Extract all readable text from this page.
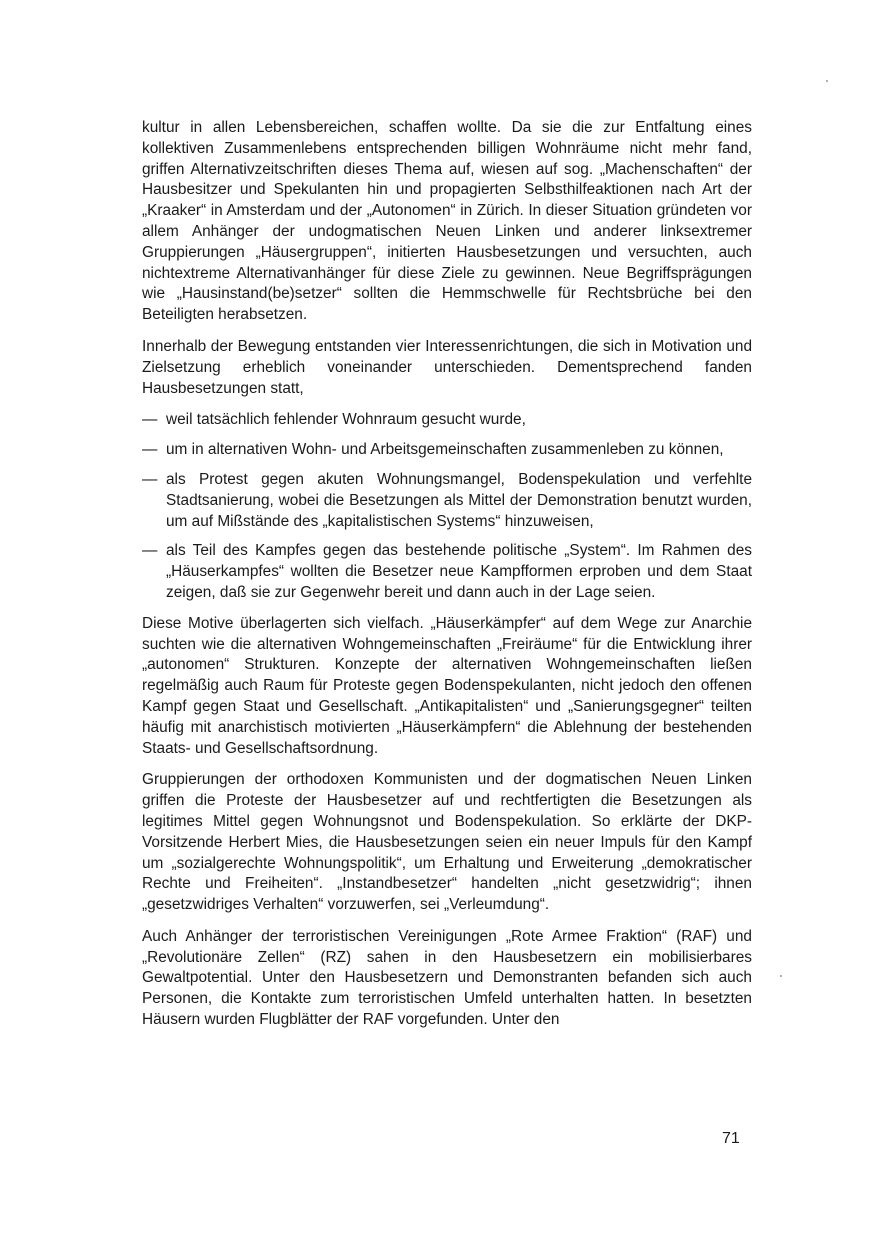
kultur in allen Lebensbereichen, schaffen wollte. Da sie die zur Entfaltung eines kollektiven Zusammenlebens entsprechenden billigen Wohnräume nicht mehr fand, griffen Alternativzeitschriften dieses Thema auf, wiesen auf sog. „Machenschaften“ der Hausbesitzer und Spekulanten hin und propagierten Selbsthilfeaktionen nach Art der „Kraaker“ in Amsterdam und der „Autonomen“ in Zürich. In dieser Situation gründeten vor allem Anhänger der undogmatischen Neuen Linken und anderer linksextremer Gruppierungen „Häusergruppen“, initierten Hausbesetzungen und versuchten, auch nichtextreme Alternativanhänger für diese Ziele zu gewinnen. Neue Begriffsprägungen wie „Hausinstand(be)setzer“ sollten die Hemmschwelle für Rechtsbrüche bei den Beteiligten herabsetzen.

Innerhalb der Bewegung entstanden vier Interessenrichtungen, die sich in Motivation und Zielsetzung erheblich voneinander unterschieden. Dementsprechend fanden Hausbesetzungen statt,

— weil tatsächlich fehlender Wohnraum gesucht wurde,
— um in alternativen Wohn- und Arbeitsgemeinschaften zusammenleben zu können,
— als Protest gegen akuten Wohnungsmangel, Bodenspekulation und verfehlte Stadtsanierung, wobei die Besetzungen als Mittel der Demonstration benutzt wurden, um auf Mißstände des „kapitalistischen Systems“ hinzuweisen,
— als Teil des Kampfes gegen das bestehende politische „System“. Im Rahmen des „Häuserkampfes“ wollten die Besetzer neue Kampfformen erproben und dem Staat zeigen, daß sie zur Gegenwehr bereit und dann auch in der Lage seien.

Diese Motive überlagerten sich vielfach. „Häuserkämpfer“ auf dem Wege zur Anarchie suchten wie die alternativen Wohngemeinschaften „Freiräume“ für die Entwicklung ihrer „autonomen“ Strukturen. Konzepte der alternativen Wohngemeinschaften ließen regelmäßig auch Raum für Proteste gegen Bodenspekulanten, nicht jedoch den offenen Kampf gegen Staat und Gesellschaft. „Antikapitalisten“ und „Sanierungsgegner“ teilten häufig mit anarchistisch motivierten „Häuserkämpfern“ die Ablehnung der bestehenden Staats- und Gesellschaftsordnung.

Gruppierungen der orthodoxen Kommunisten und der dogmatischen Neuen Linken griffen die Proteste der Hausbesetzer auf und rechtfertigten die Besetzungen als legitimes Mittel gegen Wohnungsnot und Bodenspekulation. So erklärte der DKP-Vorsitzende Herbert Mies, die Hausbesetzungen seien ein neuer Impuls für den Kampf um „sozialgerechte Wohnungspolitik“, um Erhaltung und Erweiterung „demokratischer Rechte und Freiheiten“. „Instandbesetzer“ handelten „nicht gesetzwidrig“; ihnen „gesetzwidriges Verhalten“ vorzuwerfen, sei „Verleumdung“.

Auch Anhänger der terroristischen Vereinigungen „Rote Armee Fraktion“ (RAF) und „Revolutionäre Zellen“ (RZ) sahen in den Hausbesetzern ein mobilisierbares Gewaltpotential. Unter den Hausbesetzern und Demonstranten befanden sich auch Personen, die Kontakte zum terroristischen Umfeld unterhalten hatten. In besetzten Häusern wurden Flugblätter der RAF vorgefunden. Unter den

71
